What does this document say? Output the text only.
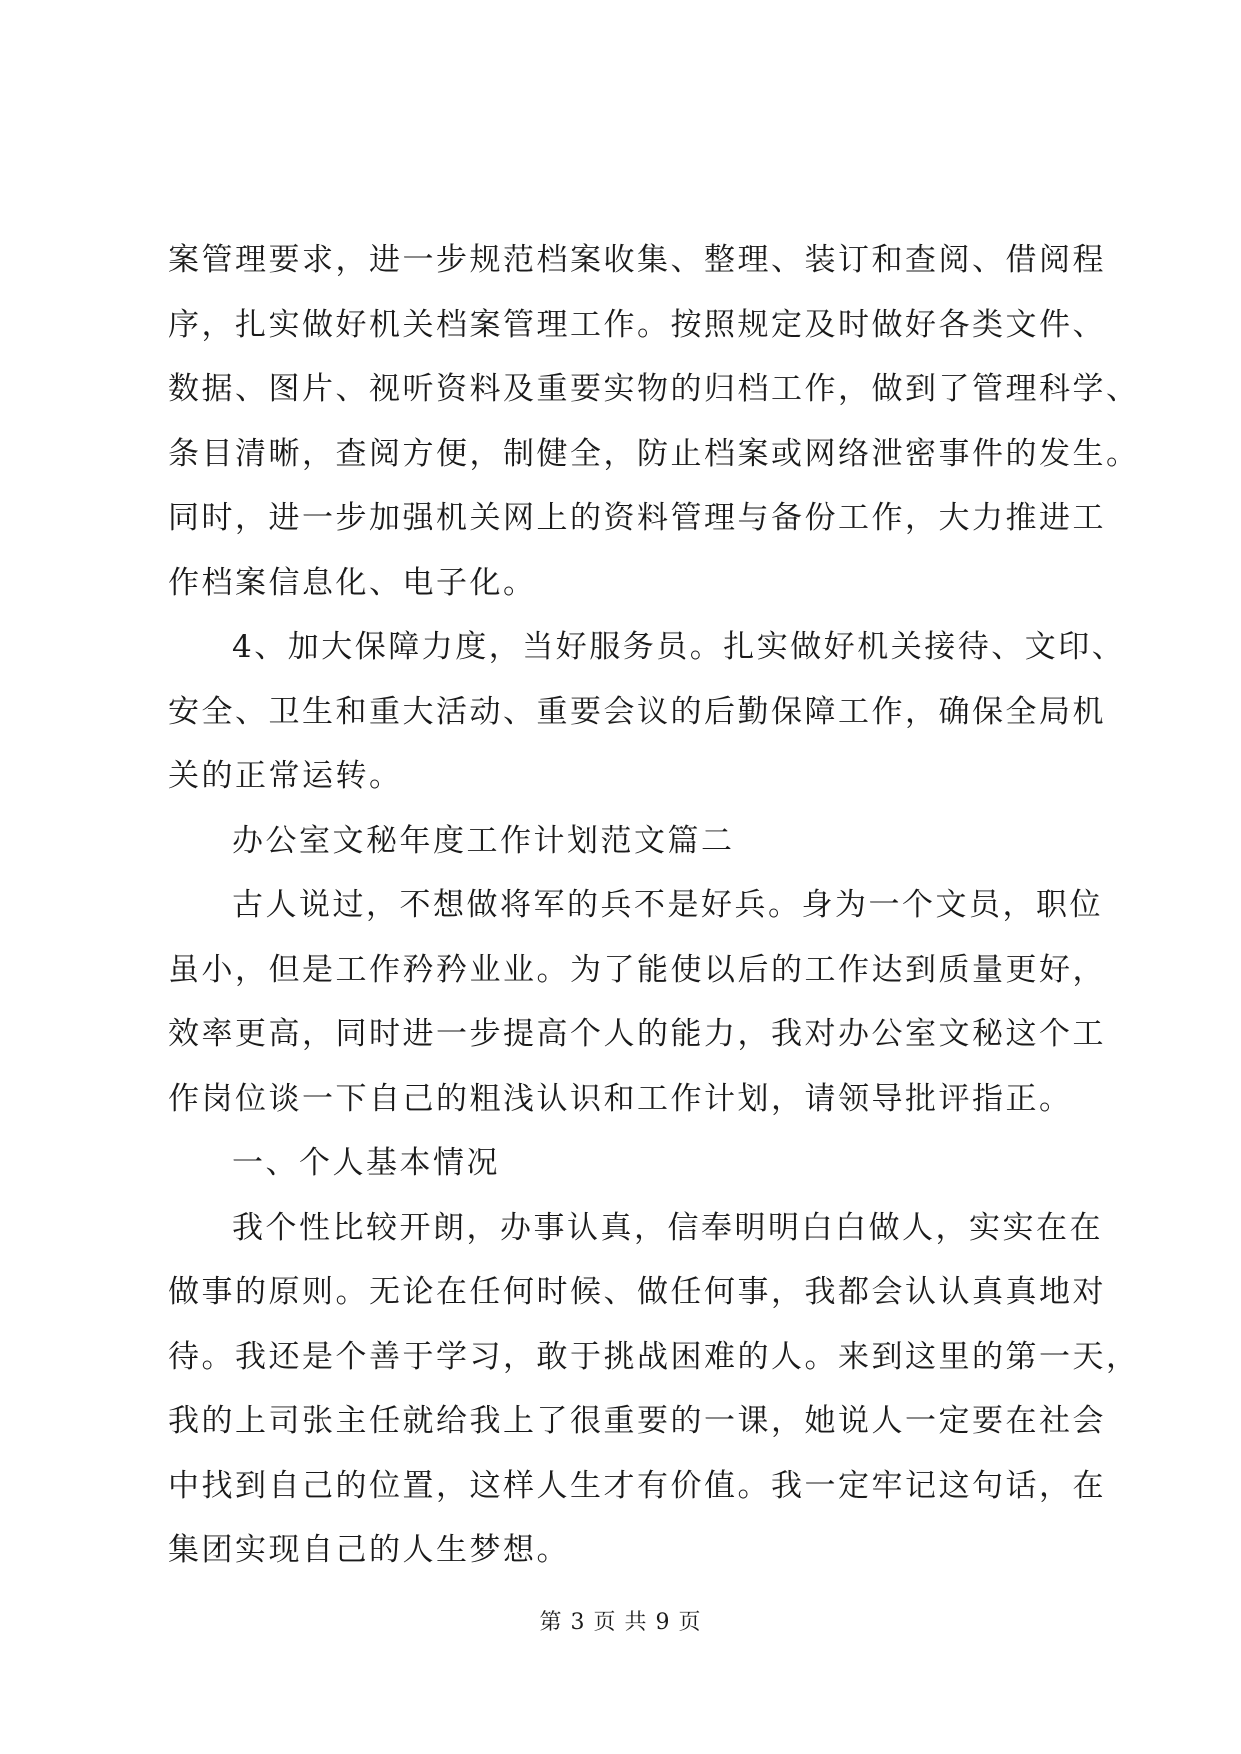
案管理要求，进一步规范档案收集、整理、装订和查阅、借阅程
序，扎实做好机关档案管理工作。按照规定及时做好各类文件、
数据、图片、视听资料及重要实物的归档工作，做到了管理科学、
条目清晰，查阅方便，制健全，防止档案或网络泄密事件的发生。
同时，进一步加强机关网上的资料管理与备份工作，大力推进工
作档案信息化、电子化。
4、加大保障力度，当好服务员。扎实做好机关接待、文印、
安全、卫生和重大活动、重要会议的后勤保障工作，确保全局机
关的正常运转。
办公室文秘年度工作计划范文篇二
古人说过，不想做将军的兵不是好兵。身为一个文员，职位
虽小，但是工作矜矜业业。为了能使以后的工作达到质量更好，
效率更高，同时进一步提高个人的能力，我对办公室文秘这个工
作岗位谈一下自己的粗浅认识和工作计划，请领导批评指正。
一、个人基本情况
我个性比较开朗，办事认真，信奉明明白白做人，实实在在
做事的原则。无论在任何时候、做任何事，我都会认认真真地对
待。我还是个善于学习，敢于挑战困难的人。来到这里的第一天，
我的上司张主任就给我上了很重要的一课，她说人一定要在社会
中找到自己的位置，这样人生才有价值。我一定牢记这句话，在
集团实现自己的人生梦想。
第 3 页 共 9 页
